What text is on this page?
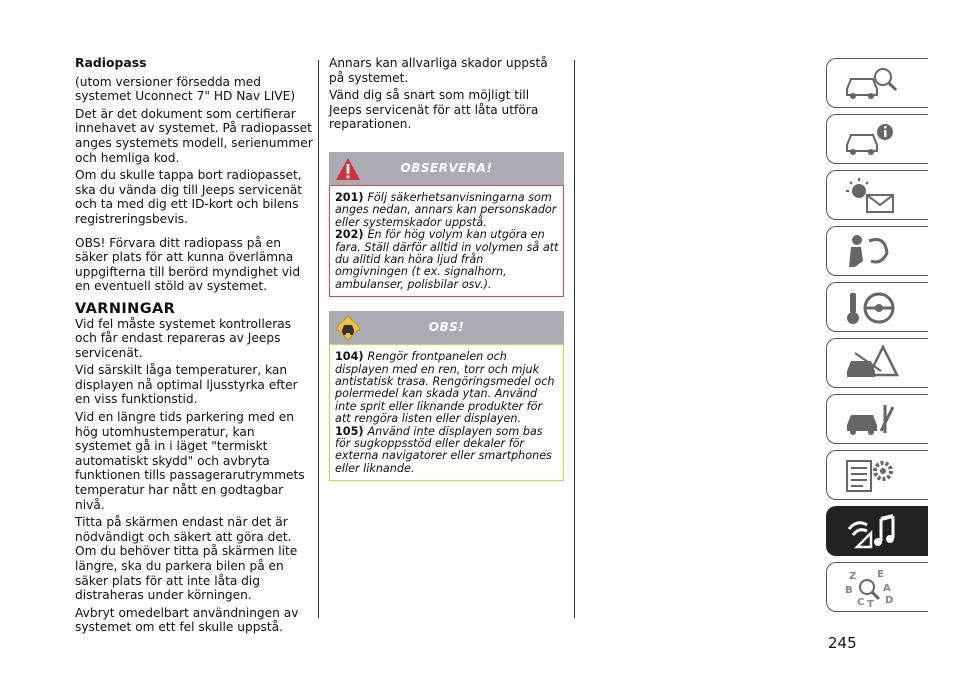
Radiopass

(utom versioner försedda med systemet Uconnect 7" HD Nav LIVE)

Det är det dokument som certifierar innehavet av systemet. På radiopasset anges systemets modell, serienummer och hemliga kod.

Om du skulle tappa bort radiopasset, ska du vända dig till Jeeps servicenät och ta med dig ett ID-kort och bilens registreringsbevis.

OBS! Förvara ditt radiopass på en säker plats för att kunna överlämna uppgifterna till berörd myndighet vid en eventuell stöld av systemet.

VARNINGAR

Vid fel måste systemet kontrolleras och får endast repareras av Jeeps servicenät.

Vid särskilt låga temperaturer, kan displayen nå optimal ljusstyrka efter en viss funktionstid.

Vid en längre tids parkering med en hög utomhustemperatur, kan systemet gå in i läget "termiskt automatiskt skydd" och avbryta funktionen tills passagerarutrymmets temperatur har nått en godtagbar nivå.

Titta på skärmen endast när det är nödvändigt och säkert att göra det. Om du behöver titta på skärmen lite längre, ska du parkera bilen på en säker plats för att inte låta dig distraheras under körningen.

Avbryt omedelbart användningen av systemet om ett fel skulle uppstå.

Annars kan allvarliga skador uppstå på systemet.

Vänd dig så snart som möjligt till Jeeps servicenät för att låta utföra reparationen.

OBSERVERA!

201) Följ säkerhetsanvisningarna som anges nedan, annars kan personskador eller systemskador uppstå.

202) En för hög volym kan utgöra en fara. Ställ därför alltid in volymen så att du alltid kan höra ljud från omgivningen (t ex. signalhorn, ambulanser, polisbilar osv.).

OBS!

104) Rengör frontpanelen och displayen med en ren, torr och mjuk antistatisk trasa. Rengöringsmedel och polermedel kan skada ytan. Använd inte sprit eller liknande produkter för att rengöra listen eller displayen.

105) Använd inte displayen som bas för sugkoppsstöd eller dekaler för externa navigatorer eller smartphones eller liknande.

Z E
B	A
C T D
245
